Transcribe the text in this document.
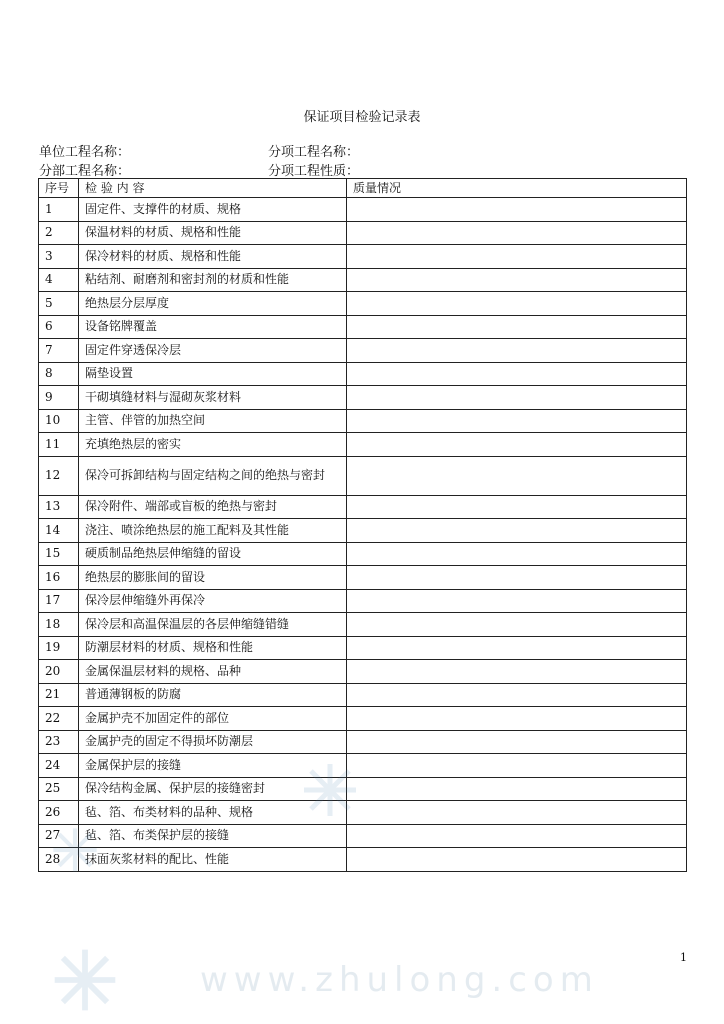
保证项目检验记录表
单位工程名称：	分项工程名称：
分部工程名称：	分项工程性质：
序号	检 验 内 容	质量情况
1	固定件、支撑件的材质、规格	
2	保温材料的材质、规格和性能	
3	保冷材料的材质、规格和性能	
4	粘结剂、耐磨剂和密封剂的材质和性能	
5	绝热层分层厚度	
6	设备铭牌覆盖	
7	固定件穿透保冷层	
8	隔垫设置	
9	干砌填缝材料与湿砌灰浆材料	
10	主管、伴管的加热空间	
11	充填绝热层的密实	
12	保冷可拆卸结构与固定结构之间的绝热与密封	
13	保冷附件、端部或盲板的绝热与密封	
14	浇注、喷涂绝热层的施工配料及其性能	
15	硬质制品绝热层伸缩缝的留设	
16	绝热层的膨胀间的留设	
17	保冷层伸缩缝外再保冷	
18	保冷层和高温保温层的各层伸缩缝错缝	
19	防潮层材料的材质、规格和性能	
20	金属保温层材料的规格、品种	
21	普通薄钢板的防腐	
22	金属护壳不加固定件的部位	
23	金属护壳的固定不得损坏防潮层	
24	金属保护层的接缝	
25	保冷结构金属、保护层的接缝密封	
26	毡、箔、布类材料的品种、规格	
27	毡、箔、布类保护层的接缝	
28	抹面灰浆材料的配比、性能	
www.zhulong.com
1
